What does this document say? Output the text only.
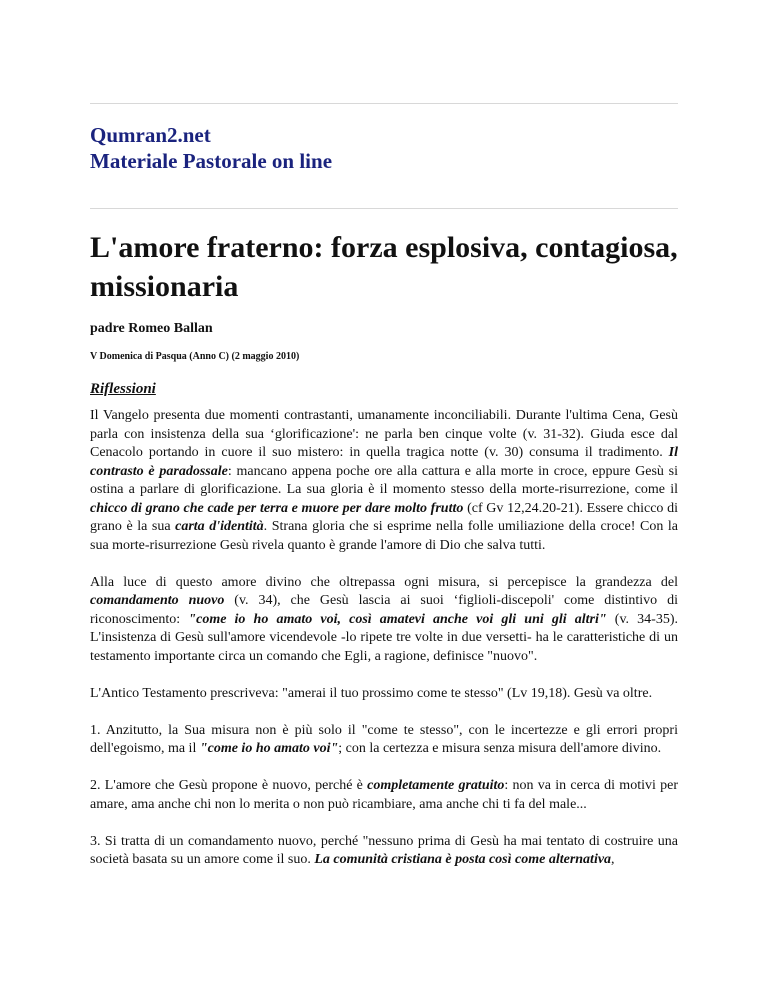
Qumran2.net
Materiale Pastorale on line
L'amore fraterno: forza esplosiva, contagiosa, missionaria

padre Romeo Ballan

V Domenica di Pasqua (Anno C) (2 maggio 2010)

Riflessioni

Il Vangelo presenta due momenti contrastanti, umanamente inconciliabili. Durante l'ultima Cena, Gesù parla con insistenza della sua ‘glorificazione': ne parla ben cinque volte (v. 31-32). Giuda esce dal Cenacolo portando in cuore il suo mistero: in quella tragica notte (v. 30) consuma il tradimento. Il contrasto è paradossale: mancano appena poche ore alla cattura e alla morte in croce, eppure Gesù si ostina a parlare di glorificazione. La sua gloria è il momento stesso della morte-risurrezione, come il chicco di grano che cade per terra e muore per dare molto frutto (cf Gv 12,24.20-21). Essere chicco di grano è la sua carta d'identità. Strana gloria che si esprime nella folle umiliazione della croce! Con la sua morte-risurrezione Gesù rivela quanto è grande l'amore di Dio che salva tutti.

Alla luce di questo amore divino che oltrepassa ogni misura, si percepisce la grandezza del comandamento nuovo (v. 34), che Gesù lascia ai suoi ‘figlioli-discepoli' come distintivo di riconoscimento: "come io ho amato voi, così amatevi anche voi gli uni gli altri" (v. 34-35). L'insistenza di Gesù sull'amore vicendevole -lo ripete tre volte in due versetti- ha le caratteristiche di un testamento importante circa un comando che Egli, a ragione, definisce "nuovo".

L'Antico Testamento prescriveva: "amerai il tuo prossimo come te stesso" (Lv 19,18). Gesù va oltre.

1. Anzitutto, la Sua misura non è più solo il "come te stesso", con le incertezze e gli errori propri dell'egoismo, ma il "come io ho amato voi"; con la certezza e misura senza misura dell'amore divino.

2. L'amore che Gesù propone è nuovo, perché è completamente gratuito: non va in cerca di motivi per amare, ama anche chi non lo merita o non può ricambiare, ama anche chi ti fa del male...

3. Si tratta di un comandamento nuovo, perché "nessuno prima di Gesù ha mai tentato di costruire una società basata su un amore come il suo. La comunità cristiana è posta così come alternativa,
